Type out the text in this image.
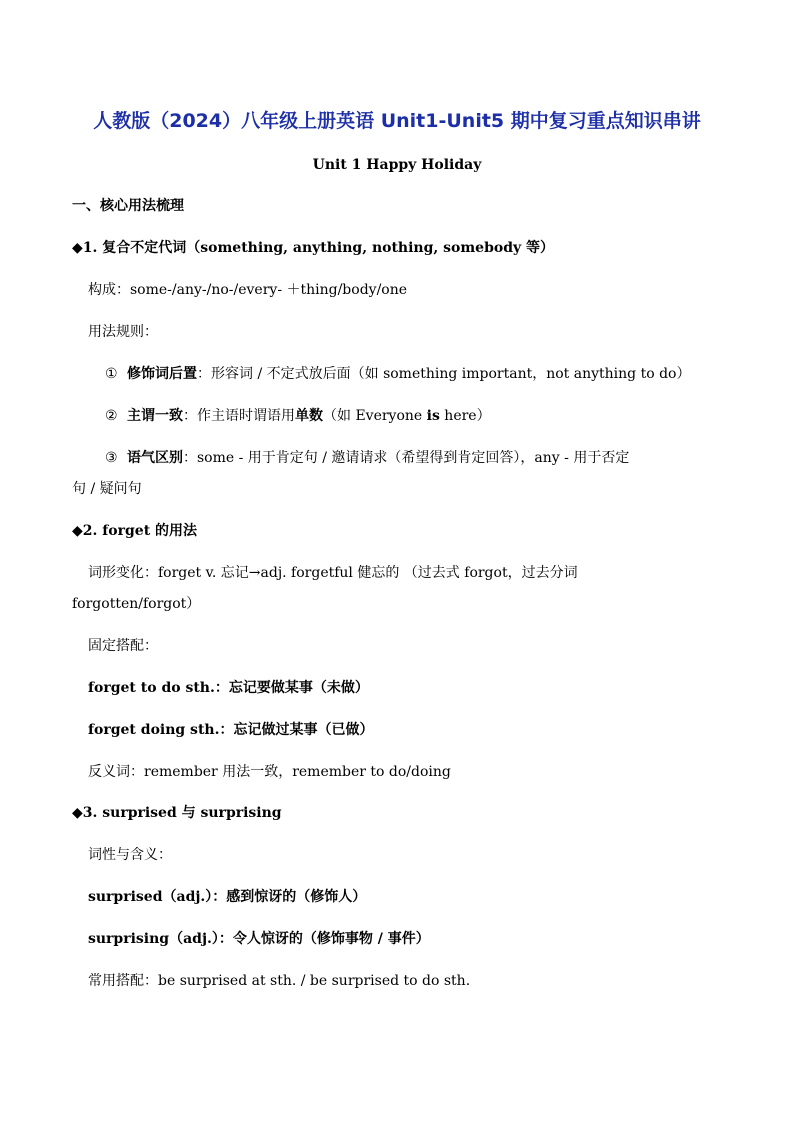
人教版（2024）八年级上册英语 Unit1-Unit5 期中复习重点知识串讲
Unit 1 Happy Holiday
一、核心用法梳理
◆1. 复合不定代词（something, anything, nothing, somebody 等）
构成：some-/any-/no-/every- ＋thing/body/one
用法规则：
① 修饰词后置：形容词 / 不定式放后面（如 something important，not anything to do）
② 主谓一致：作主语时谓语用单数（如 Everyone is here）
③ 语气区别：some - 用于肯定句 / 邀请请求（希望得到肯定回答），any - 用于否定
句 / 疑问句
◆2. forget 的用法
词形变化：forget v. 忘记→adj. forgetful 健忘的 （过去式 forgot，过去分词
forgotten/forgot）
固定搭配：
forget to do sth.：忘记要做某事（未做）
forget doing sth.：忘记做过某事（已做）
反义词：remember 用法一致，remember to do/doing
◆3. surprised 与 surprising
词性与含义：
surprised（adj.）：感到惊讶的（修饰人）
surprising（adj.）：令人惊讶的（修饰事物 / 事件）
常用搭配：be surprised at sth. / be surprised to do sth.
